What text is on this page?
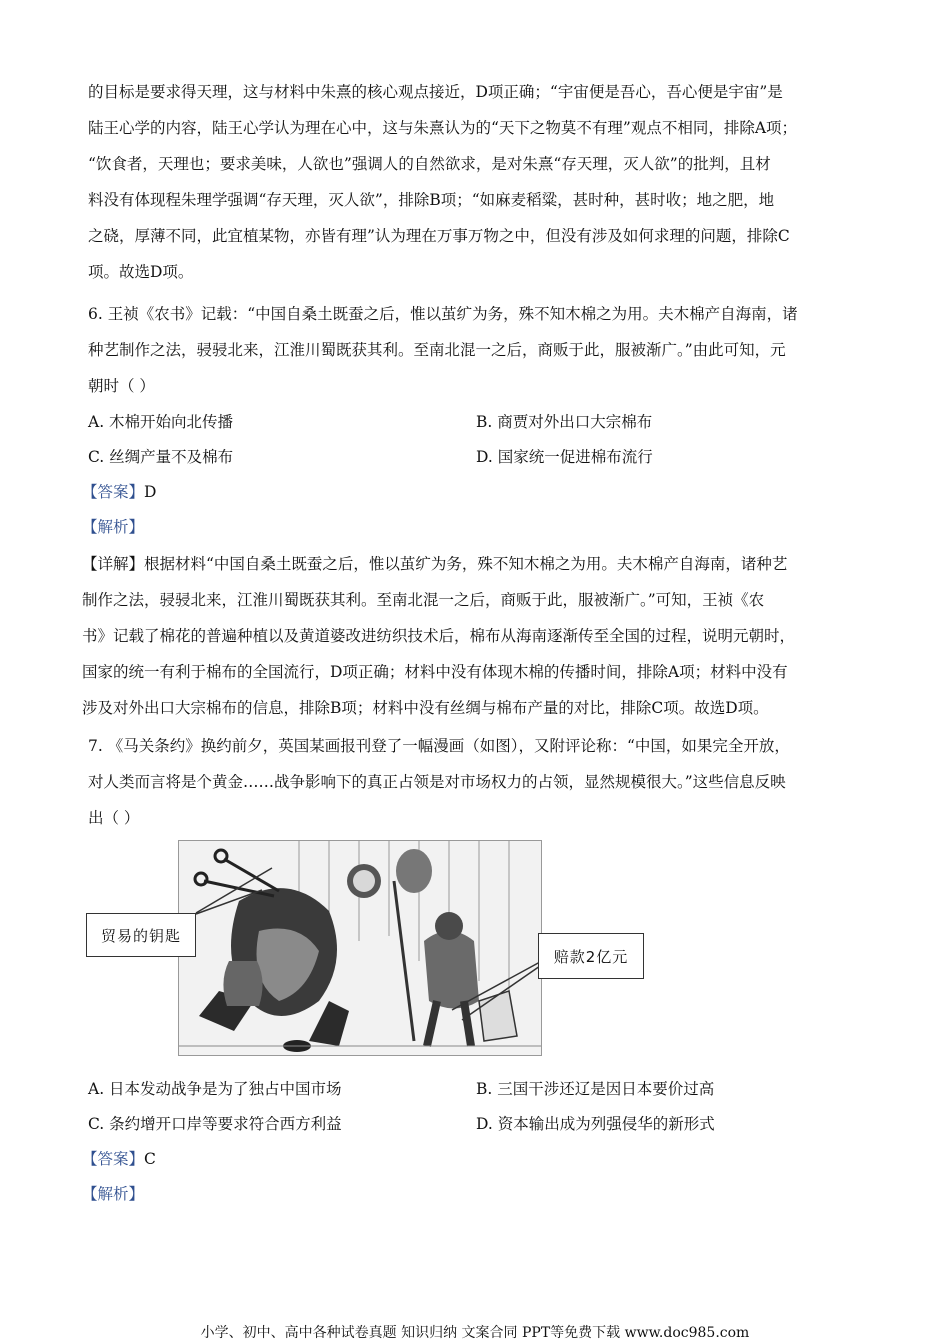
的目标是要求得天理，这与材料中朱熹的核心观点接近，D项正确；“宇宙便是吾心，吾心便是宇宙”是

陆王心学的内容，陆王心学认为理在心中，这与朱熹认为的“天下之物莫不有理”观点不相同，排除A项；

“饮食者，天理也；要求美味，人欲也”强调人的自然欲求，是对朱熹“存天理，灭人欲”的批判，且材

料没有体现程朱理学强调“存天理，灭人欲”，排除B项；“如麻麦稻粱，甚时种，甚时收；地之肥，地

之硗，厚薄不同，此宜植某物，亦皆有理”认为理在万事万物之中，但没有涉及如何求理的问题，排除C

项。故选D项。

6. 王祯《农书》记载：“中国自桑土既蚕之后，惟以茧纩为务，殊不知木棉之为用。夫木棉产自海南，诸

种艺制作之法，骎骎北来，江淮川蜀既获其利。至南北混一之后，商贩于此，服被渐广。”由此可知，元

朝时（ ）

A. 木棉开始向北传播	B. 商贾对外出口大宗棉布
C. 丝绸产量不及棉布	D. 国家统一促进棉布流行
【答案】D
【解析】

【详解】根据材料“中国自桑土既蚕之后，惟以茧纩为务，殊不知木棉之为用。夫木棉产自海南，诸种艺

制作之法，骎骎北来，江淮川蜀既获其利。至南北混一之后，商贩于此，服被渐广。”可知，王祯《农

书》记载了棉花的普遍种植以及黄道婆改进纺织技术后，棉布从海南逐渐传至全国的过程，说明元朝时，

国家的统一有利于棉布的全国流行，D项正确；材料中没有体现木棉的传播时间，排除A项；材料中没有

涉及对外出口大宗棉布的信息，排除B项；材料中没有丝绸与棉布产量的对比，排除C项。故选D项。

7. 《马关条约》换约前夕，英国某画报刊登了一幅漫画（如图），又附评论称：“中国，如果完全开放，

对人类而言将是个黄金……战争影响下的真正占领是对市场权力的占领，显然规模很大。”这些信息反映

出（ ）

贸易的钥匙
赔款2亿元
A. 日本发动战争是为了独占中国市场	B. 三国干涉还辽是因日本要价过高
C. 条约增开口岸等要求符合西方利益	D. 资本输出成为列强侵华的新形式
【答案】C
【解析】
小学、初中、高中各种试卷真题 知识归纳 文案合同 PPT等免费下载 www.doc985.com
